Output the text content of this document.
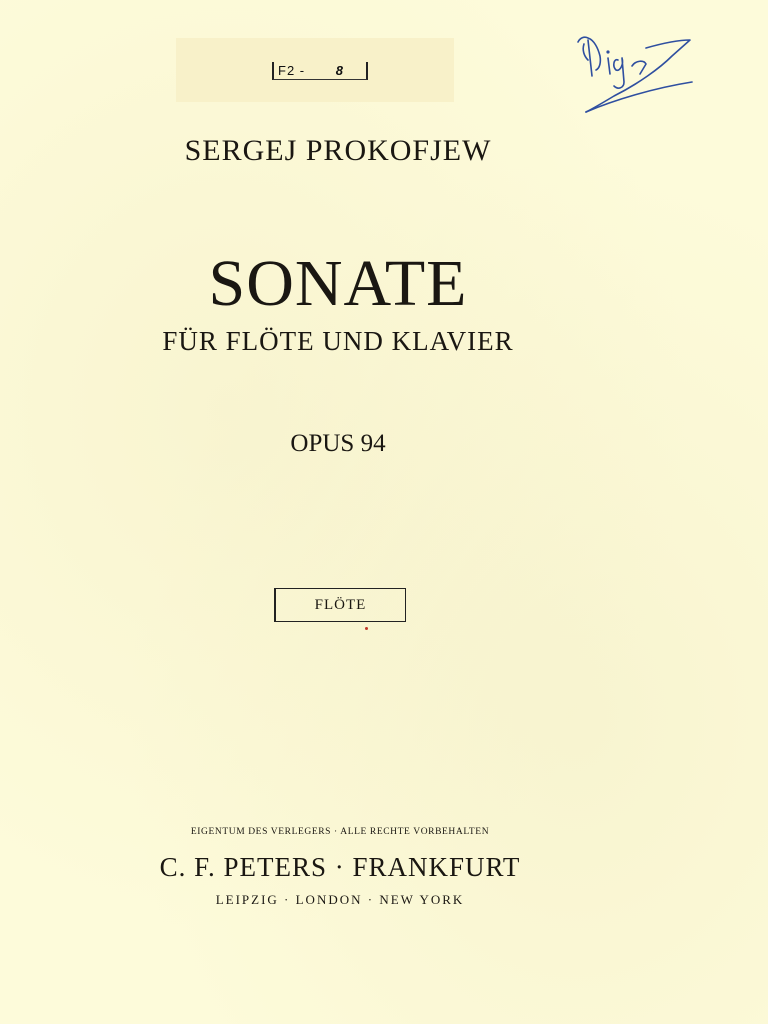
F2 - 8
SERGEJ PROKOFJEW
SONATE
FÜR FLÖTE UND KLAVIER
OPUS 94
FLÖTE
EIGENTUM DES VERLEGERS · ALLE RECHTE VORBEHALTEN
C. F. PETERS · FRANKFURT
LEIPZIG · LONDON · NEW YORK
